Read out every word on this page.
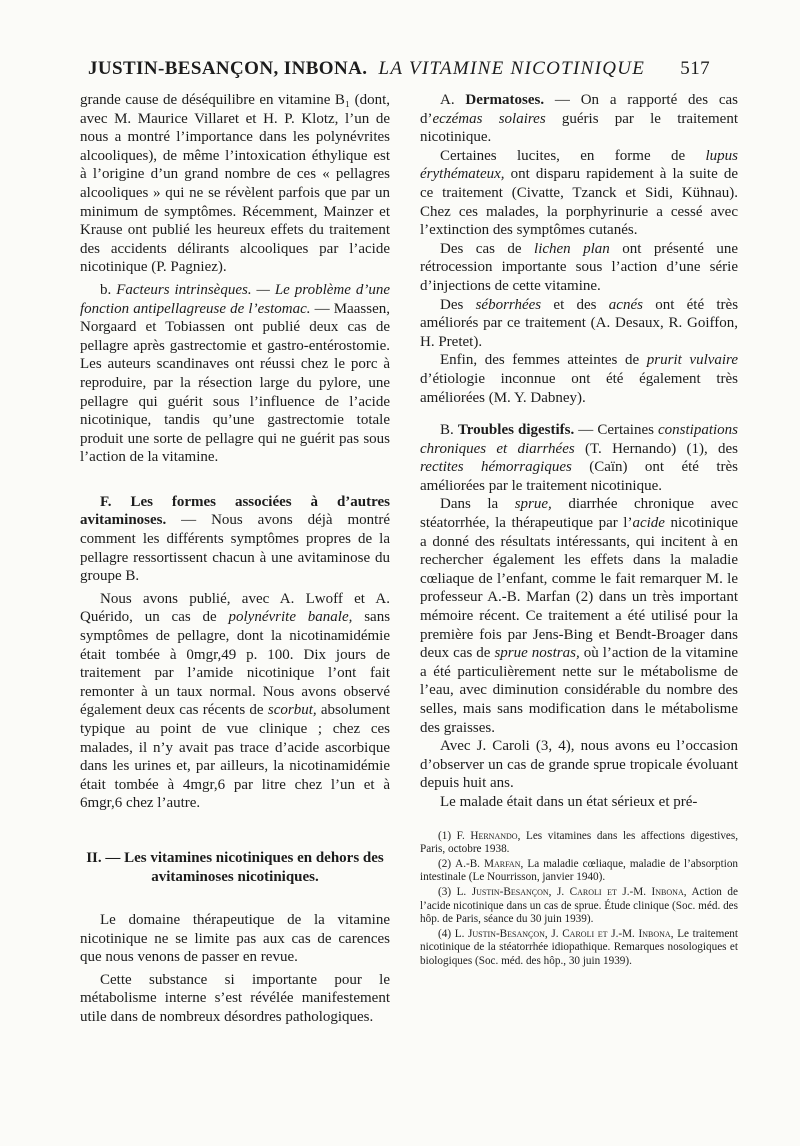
JUSTIN-BESANÇON, INBONA. LA VITAMINE NICOTINIQUE 517

grande cause de déséquilibre en vitamine B₁ (dont, avec M. Maurice Villaret et H. P. Klotz, l’un de nous a montré l’importance dans les polynévrites alcooliques), de même l’intoxication éthylique est à l’origine d’un grand nombre de ces « pellagres alcooliques » qui ne se révèlent parfois que par un minimum de symptômes. Récemment, Mainzer et Krause ont publié les heureux effets du traitement des accidents délirants alcooliques par l’acide nicotinique (P. Pagniez).

b. Facteurs intrinsèques. — Le problème d’une fonction antipellagreuse de l’estomac. — Maassen, Norgaard et Tobiassen ont publié deux cas de pellagre après gastrectomie et gastro-entérostomie. Les auteurs scandinaves ont réussi chez le porc à reproduire, par la résection large du pylore, une pellagre qui guérit sous l’influence de l’acide nicotinique, tandis qu’une gastrectomie totale produit une sorte de pellagre qui ne guérit pas sous l’action de la vitamine.

F. Les formes associées à d’autres avitaminoses. — Nous avons déjà montré comment les différents symptômes propres de la pellagre ressortissent chacun à une avitaminose du groupe B.

Nous avons publié, avec A. Lwoff et A. Quérido, un cas de polynévrite banale, sans symptômes de pellagre, dont la nicotinamidémie était tombée à 0mgr,49 p. 100. Dix jours de traitement par l’amide nicotinique l’ont fait remonter à un taux normal. Nous avons observé également deux cas récents de scorbut, absolument typique au point de vue clinique ; chez ces malades, il n’y avait pas trace d’acide ascorbique dans les urines et, par ailleurs, la nicotinamidémie était tombée à 4mgr,6 par litre chez l’un et à 6mgr,6 chez l’autre.

II. — Les vitamines nicotiniques en dehors des avitaminoses nicotiniques.

Le domaine thérapeutique de la vitamine nicotinique ne se limite pas aux cas de carences que nous venons de passer en revue.

Cette substance si importante pour le métabolisme interne s’est révélée manifestement utile dans de nombreux désordres pathologiques.

A. Dermatoses. — On a rapporté des cas d’eczémas solaires guéris par le traitement nicotinique.

Certaines lucites, en forme de lupus érythémateux, ont disparu rapidement à la suite de ce traitement (Civatte, Tzanck et Sidi, Kühnau). Chez ces malades, la porphyrinurie a cessé avec l’extinction des symptômes cutanés.

Des cas de lichen plan ont présenté une rétrocession importante sous l’action d’une série d’injections de cette vitamine.

Des séborrhées et des acnés ont été très améliorés par ce traitement (A. Desaux, R. Goiffon, H. Pretet).

Enfin, des femmes atteintes de prurit vulvaire d’étiologie inconnue ont été également très améliorées (M. Y. Dabney).

B. Troubles digestifs. — Certaines constipations chroniques et diarrhées (T. Hernando) (1), des rectites hémorragiques (Caïn) ont été très améliorées par le traitement nicotinique.

Dans la sprue, diarrhée chronique avec stéatorrhée, la thérapeutique par l’acide nicotinique a donné des résultats intéressants, qui incitent à en rechercher également les effets dans la maladie cœliaque de l’enfant, comme le fait remarquer M. le professeur A.-B. Marfan (2) dans un très important mémoire récent. Ce traitement a été utilisé pour la première fois par Jens-Bing et Bendt-Broager dans deux cas de sprue nostras, où l’action de la vitamine a été particulièrement nette sur le métabolisme de l’eau, avec diminution considérable du nombre des selles, mais sans modification dans le métabolisme des graisses.

Avec J. Caroli (3, 4), nous avons eu l’occasion d’observer un cas de grande sprue tropicale évoluant depuis huit ans.

Le malade était dans un état sérieux et pré-

(1) F. Hernando, Les vitamines dans les affections digestives, Paris, octobre 1938.

(2) A.-B. Marfan, La maladie cœliaque, maladie de l’absorption intestinale (Le Nourrisson, janvier 1940).

(3) L. Justin-Besançon, J. Caroli et J.-M. Inbona, Action de l’acide nicotinique dans un cas de sprue. Étude clinique (Soc. méd. des hôp. de Paris, séance du 30 juin 1939).

(4) L. Justin-Besançon, J. Caroli et J.-M. Inbona, Le traitement nicotinique de la stéatorrhée idiopathique. Remarques nosologiques et biologiques (Soc. méd. des hôp., 30 juin 1939).
